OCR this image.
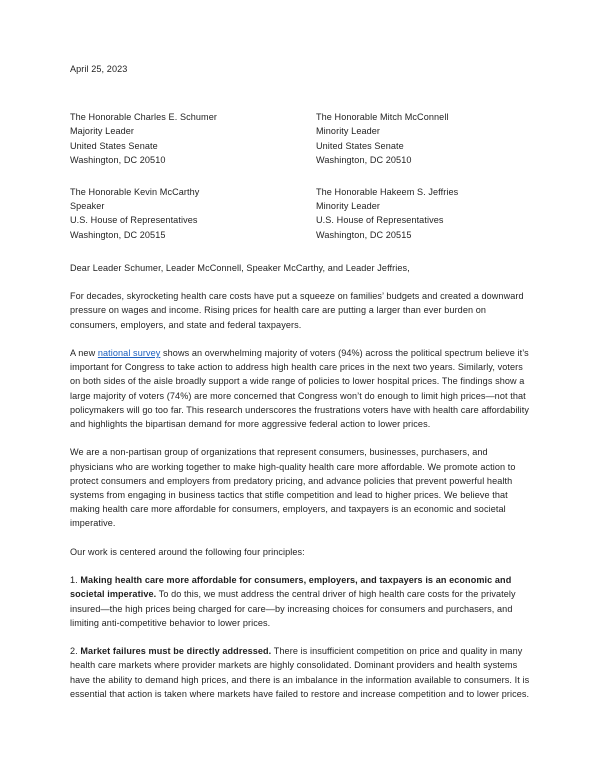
April 25, 2023
The Honorable Charles E. Schumer
Majority Leader
United States Senate
Washington, DC 20510
The Honorable Mitch McConnell
Minority Leader
United States Senate
Washington, DC 20510
The Honorable Kevin McCarthy
Speaker
U.S. House of Representatives
Washington, DC 20515
The Honorable Hakeem S. Jeffries
Minority Leader
U.S. House of Representatives
Washington, DC 20515

Dear Leader Schumer, Leader McConnell, Speaker McCarthy, and Leader Jeffries,

For decades, skyrocketing health care costs have put a squeeze on families’ budgets and created a downward pressure on wages and income. Rising prices for health care are putting a larger than ever burden on consumers, employers, and state and federal taxpayers.

A new national survey shows an overwhelming majority of voters (94%) across the political spectrum believe it’s important for Congress to take action to address high health care prices in the next two years. Similarly, voters on both sides of the aisle broadly support a wide range of policies to lower hospital prices. The findings show a large majority of voters (74%) are more concerned that Congress won’t do enough to limit high prices—not that policymakers will go too far. This research underscores the frustrations voters have with health care affordability and highlights the bipartisan demand for more aggressive federal action to lower prices.

We are a non-partisan group of organizations that represent consumers, businesses, purchasers, and physicians who are working together to make high-quality health care more affordable. We promote action to protect consumers and employers from predatory pricing, and advance policies that prevent powerful health systems from engaging in business tactics that stifle competition and lead to higher prices. We believe that making health care more affordable for consumers, employers, and taxpayers is an economic and societal imperative.

Our work is centered around the following four principles:

1. Making health care more affordable for consumers, employers, and taxpayers is an economic and societal imperative. To do this, we must address the central driver of high health care costs for the privately insured—the high prices being charged for care—by increasing choices for consumers and purchasers, and limiting anti-competitive behavior to lower prices.

2. Market failures must be directly addressed. There is insufficient competition on price and quality in many health care markets where provider markets are highly consolidated. Dominant providers and health systems have the ability to demand high prices, and there is an imbalance in the information available to consumers. It is essential that action is taken where markets have failed to restore and increase competition and to lower prices.
